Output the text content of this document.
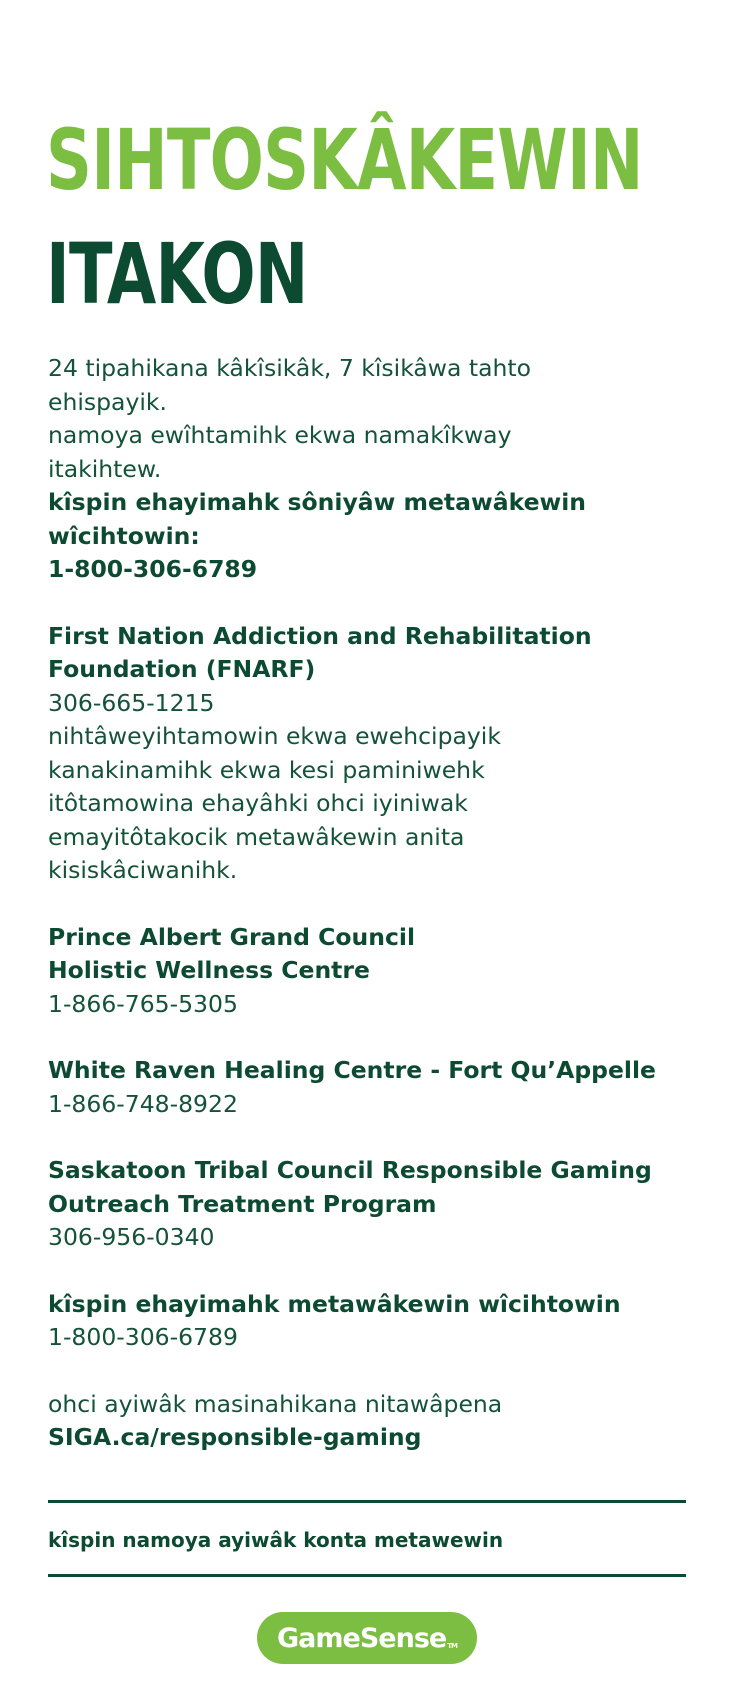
SIHTOSKÂKEWIN
ITAKON
24 tipahikana kâkîsikâk, 7 kîsikâwa tahto
ehispayik.
namoya ewîhtamihk ekwa namakîkway
itakihtew.
kîspin ehayimahk sôniyâw metawâkewin
wîcihtowin:
1-800-306-6789
First Nation Addiction and Rehabilitation
Foundation (FNARF)
306-665-1215
nihtâweyihtamowin ekwa ewehcipayik
kanakinamihk ekwa kesi paminiwehk
itôtamowina ehayâhki ohci iyiniwak
emayitôtakocik metawâkewin anita
kisiskâciwanihk.
Prince Albert Grand Council
Holistic Wellness Centre
1-866-765-5305
White Raven Healing Centre - Fort Qu’Appelle
1-866-748-8922
Saskatoon Tribal Council Responsible Gaming
Outreach Treatment Program
306-956-0340
kîspin ehayimahk metawâkewin wîcihtowin
1-800-306-6789
ohci ayiwâk masinahikana nitawâpena
SIGA.ca/responsible-gaming
kîspin namoya ayiwâk konta metawewin
GameSense$_{TM}$
